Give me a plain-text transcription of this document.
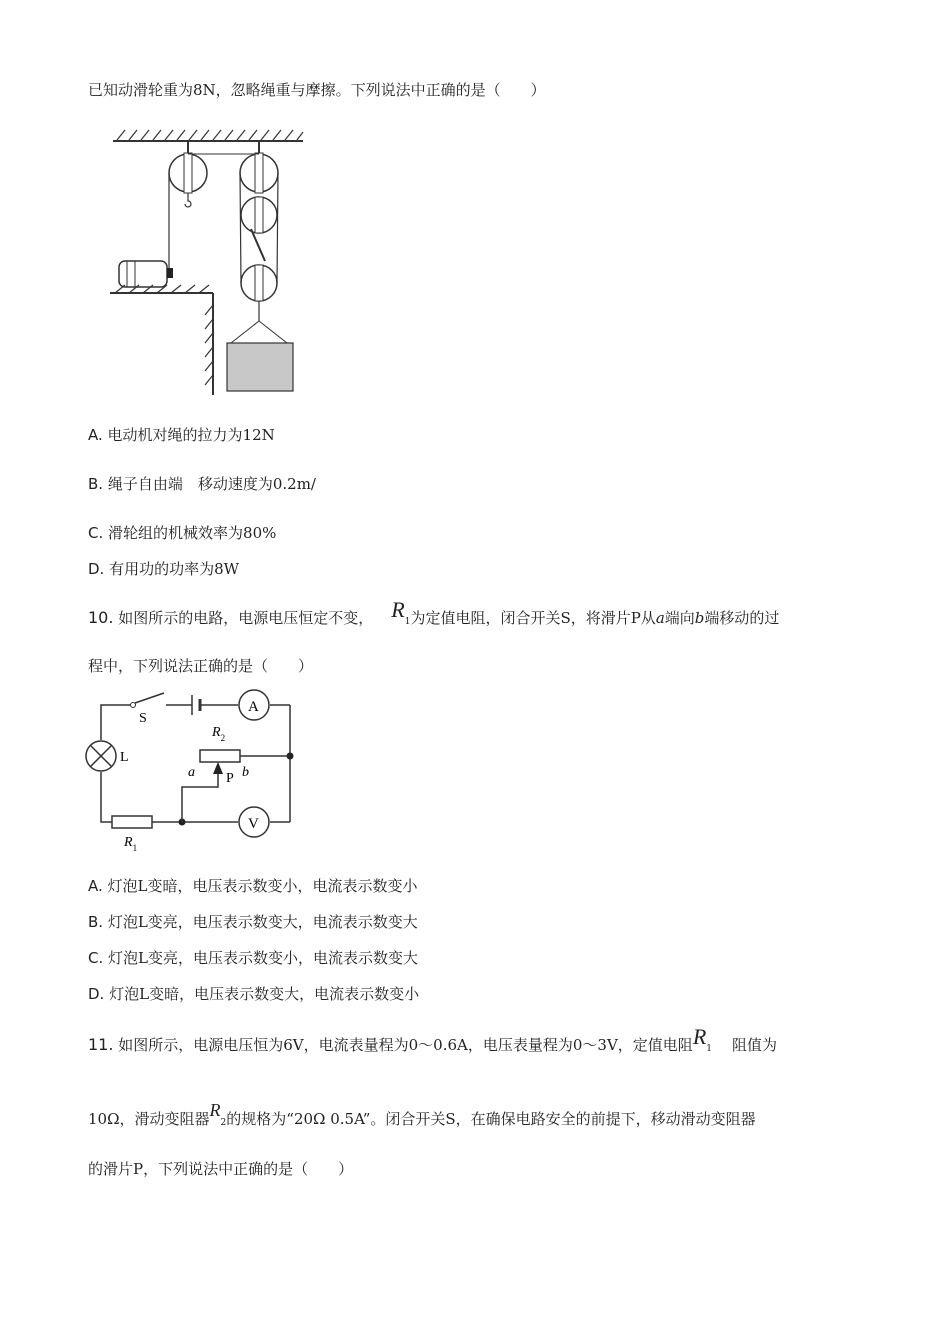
已知动滑轮重为8N，忽略绳重与摩擦。下列说法中正确的是（　　）
A. 电动机对绳的拉力为12N
B. 绳子自由端　移动速度为0.2m/
C. 滑轮组的机械效率为80%
D. 有用功的功率为8W
10. 如图所示的电路，电源电压恒定不变， R1为定值电阻，闭合开关S，将滑片P从a端向b端移动的过
程中，下列说法正确的是（　　）
S
A
L
$R_1$
V
$R_2$
P
a	b
A. 灯泡L变暗，电压表示数变小，电流表示数变小
B. 灯泡L变亮，电压表示数变大，电流表示数变大
C. 灯泡L变亮，电压表示数变小，电流表示数变大
D. 灯泡L变暗，电压表示数变大，电流表示数变小
11. 如图所示，电源电压恒为6V，电流表量程为0～0.6A，电压表量程为0～3V，定值电阻R1 阻值为
10Ω，滑动变阻器R2的规格为“20Ω 0.5A”。闭合开关S，在确保电路安全的前提下，移动滑动变阻器
的滑片P，下列说法中正确的是（　　）
